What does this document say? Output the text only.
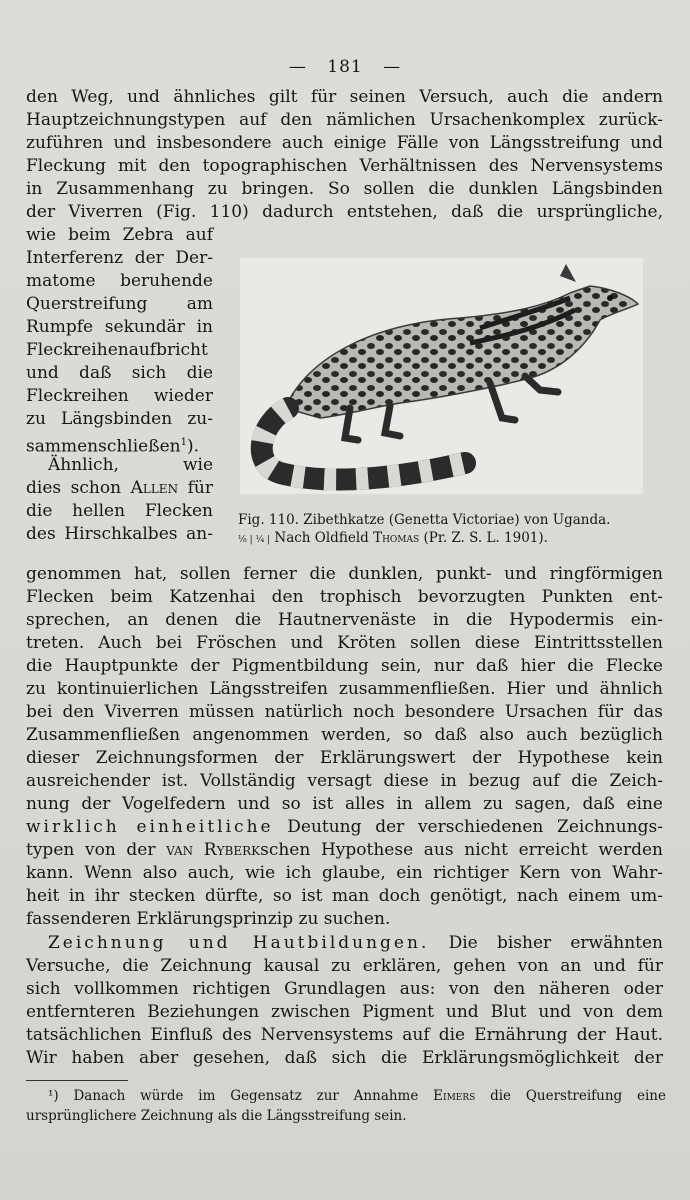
— 181 —
den Weg, und ähnliches gilt für seinen Versuch, auch die andern
Hauptzeichnungstypen auf den nämlichen Ursachenkomplex zurück-
zuführen und insbesondere auch einige Fälle von Längsstreifung und
Fleckung mit den topographischen Verhältnissen des Nervensystems
in Zusammenhang zu bringen. So sollen die dunklen Längsbinden
der Viverren (Fig. 110) dadurch entstehen, daß die ursprüngliche,
wie beim Zebra auf
Interferenz der Der-
matome beruhende
Querstreifung am
Rumpfe sekundär in
Fleckreihenaufbricht
und daß sich die
Fleckreihen wieder
zu Längsbinden zu-
sammenschließen$^1$).
Ähnlich, wie
dies schon Allen für
die hellen Flecken
des Hirschkalbes an-
Fig. 110. Zibethkatze (Genetta Victoriae) von Uganda.
⅛ | ¼ | Nach Oldfield Thomas (Pr. Z. S. L. 1901).
genommen hat, sollen ferner die dunklen, punkt- und ringförmigen
Flecken beim Katzenhai den trophisch bevorzugten Punkten ent-
sprechen, an denen die Hautnervenäste in die Hypodermis ein-
treten. Auch bei Fröschen und Kröten sollen diese Eintrittsstellen
die Hauptpunkte der Pigmentbildung sein, nur daß hier die Flecke
zu kontinuierlichen Längsstreifen zusammenfließen. Hier und ähnlich
bei den Viverren müssen natürlich noch besondere Ursachen für das
Zusammenfließen angenommen werden, so daß also auch bezüglich
dieser Zeichnungsformen der Erklärungswert der Hypothese kein
ausreichender ist. Vollständig versagt diese in bezug auf die Zeich-
nung der Vogelfedern und so ist alles in allem zu sagen, daß eine
wirklich einheitliche Deutung der verschiedenen Zeichnungs-
typen von der van Ryberkschen Hypothese aus nicht erreicht werden
kann. Wenn also auch, wie ich glaube, ein richtiger Kern von Wahr-
heit in ihr stecken dürfte, so ist man doch genötigt, nach einem um-
fassenderen Erklärungsprinzip zu suchen.
Zeichnung und Hautbildungen. Die bisher erwähnten
Versuche, die Zeichnung kausal zu erklären, gehen von an und für
sich vollkommen richtigen Grundlagen aus: von den näheren oder
entfernteren Beziehungen zwischen Pigment und Blut und von dem
tatsächlichen Einfluß des Nervensystems auf die Ernährung der Haut.
Wir haben aber gesehen, daß sich die Erklärungsmöglichkeit der
¹) Danach würde im Gegensatz zur Annahme Eimers die Querstreifung eine
ursprünglichere Zeichnung als die Längsstreifung sein.
